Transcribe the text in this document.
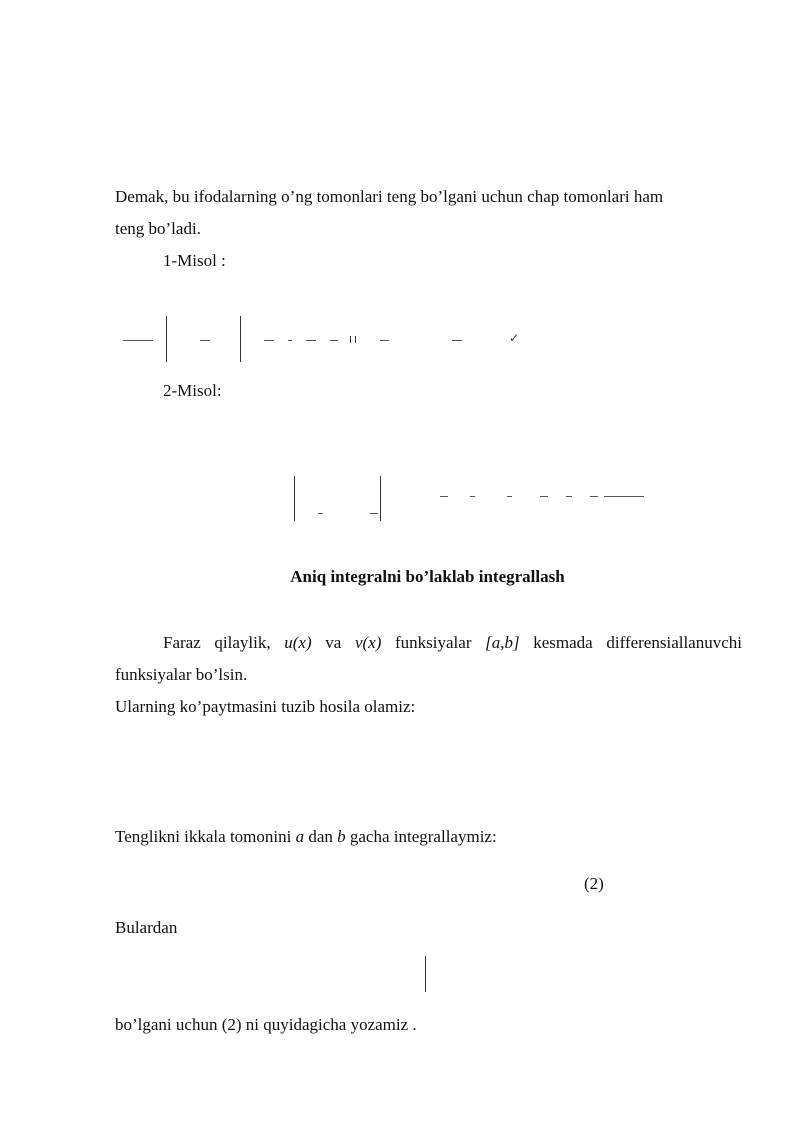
Demak, bu ifodalarning o’ng tomonlari teng bo’lgani uchun chap tomonlari ham
teng bo’ladi.
1-Misol :
✓
2-Misol:
Aniq integralni bo’laklab integrallash
Faraz qilaylik, u(x) va v(x) funksiyalar [a,b] kesmada differensiallanuvchi
funksiyalar bo’lsin.
Ularning ko’paytmasini tuzib hosila olamiz:
Tenglikni ikkala tomonini a dan b gacha integrallaymiz:
(2)
Bulardan
bo’lgani uchun (2) ni quyidagicha yozamiz .
